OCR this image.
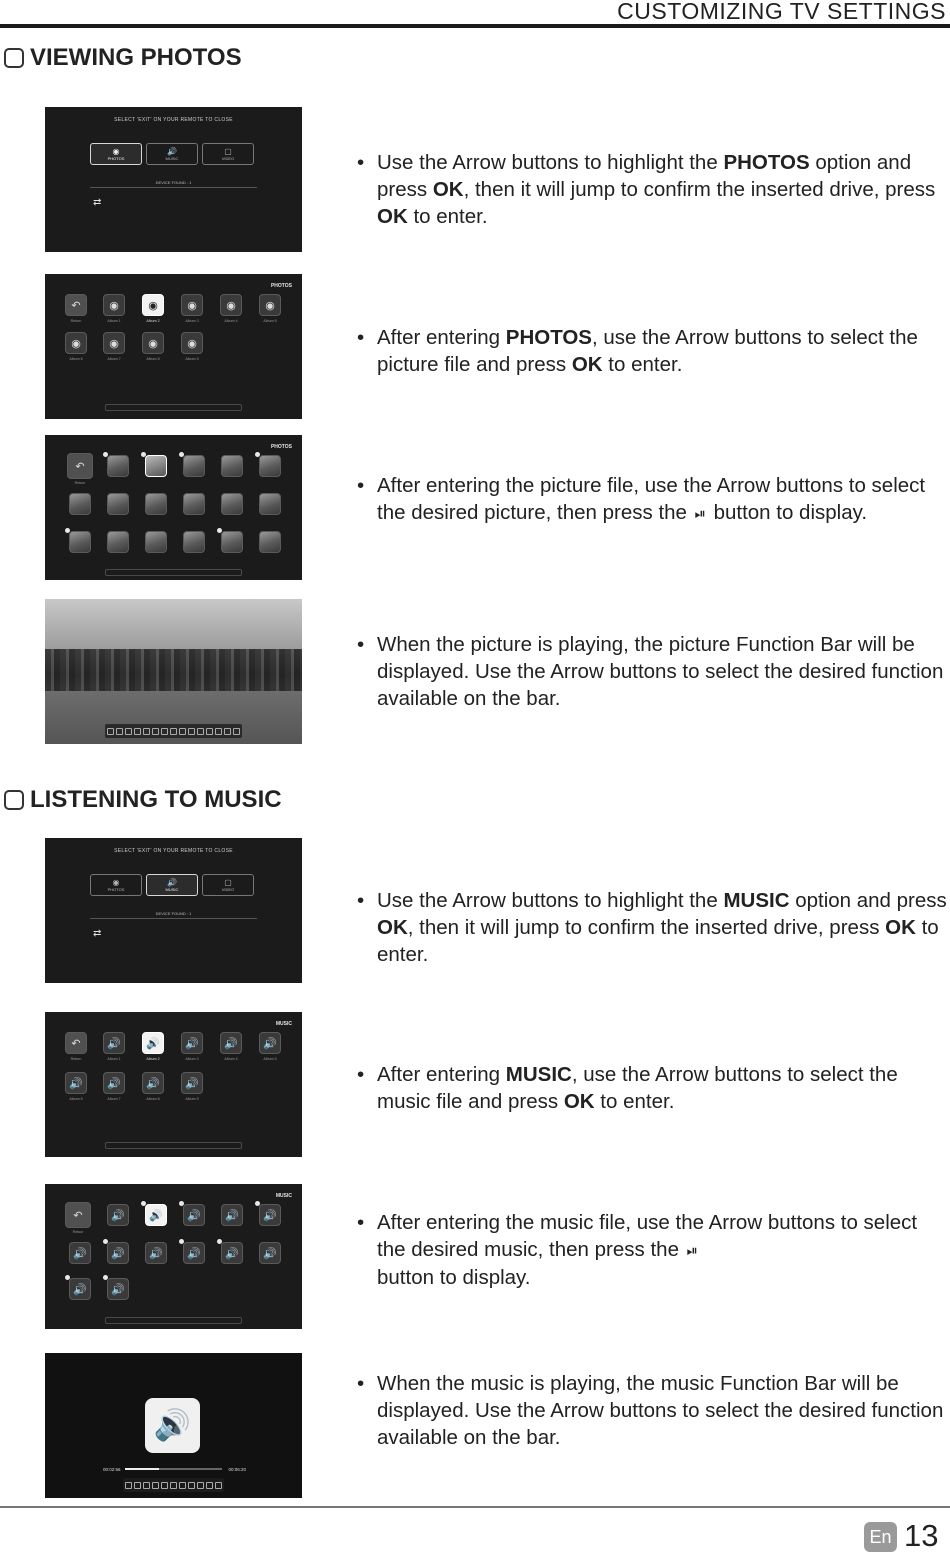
CUSTOMIZING TV SETTINGS
VIEWING PHOTOS
SELECT 'EXIT' ON YOUR REMOTE TO CLOSE
◉
PHOTOS
🔊
MUSIC
▢
VIDEO
DEVICE FOUND : 1
⇄
PHOTOS
↶
Return
◉
Album 1
◉
Album 2
◉
Album 3
◉
Album 4
◉
Album 5
◉
Album 6
◉
Album 7
◉
Album 8
◉
Album 9
PHOTOS
↶
Retour
• Use the Arrow buttons to highlight the PHOTOS option and press OK, then it will jump to confirm the inserted drive, press OK to enter.
• After entering PHOTOS, use the Arrow buttons to select the picture file and press OK to enter.
• After entering the picture file, use the Arrow buttons to select the desired picture, then press the ⏯ button to display.
• When the picture is playing, the picture Function Bar will be displayed. Use the Arrow buttons to select the desired function available on the bar.
LISTENING TO MUSIC
SELECT 'EXIT' ON YOUR REMOTE TO CLOSE
◉
PHOTOS
🔊
MUSIC
▢
VIDEO
DEVICE FOUND : 1
⇄
MUSIC
↶
Return
🔊
Album 1
🔊
Album 2
🔊
Album 3
🔊
Album 4
🔊
Album 5
🔊
Album 6
🔊
Album 7
🔊
Album 8
🔊
Album 9
MUSIC
↶
Retour
🔊	🔊	🔊	🔊	🔊
🔊	🔊	🔊	🔊	🔊	🔊
🔊	🔊
🔊
00:02:56	00:06:20
• Use the Arrow buttons to highlight the MUSIC option and press OK, then it will jump to confirm the inserted drive, press OK to enter.
• After entering MUSIC, use the Arrow buttons to select the music file and press OK to enter.
• After entering the music file, use the Arrow buttons to select the desired music, then press the ⏯
button to display.
• When the music is playing, the music Function Bar will be displayed. Use the Arrow buttons to select the desired function available on the bar.
En 13
